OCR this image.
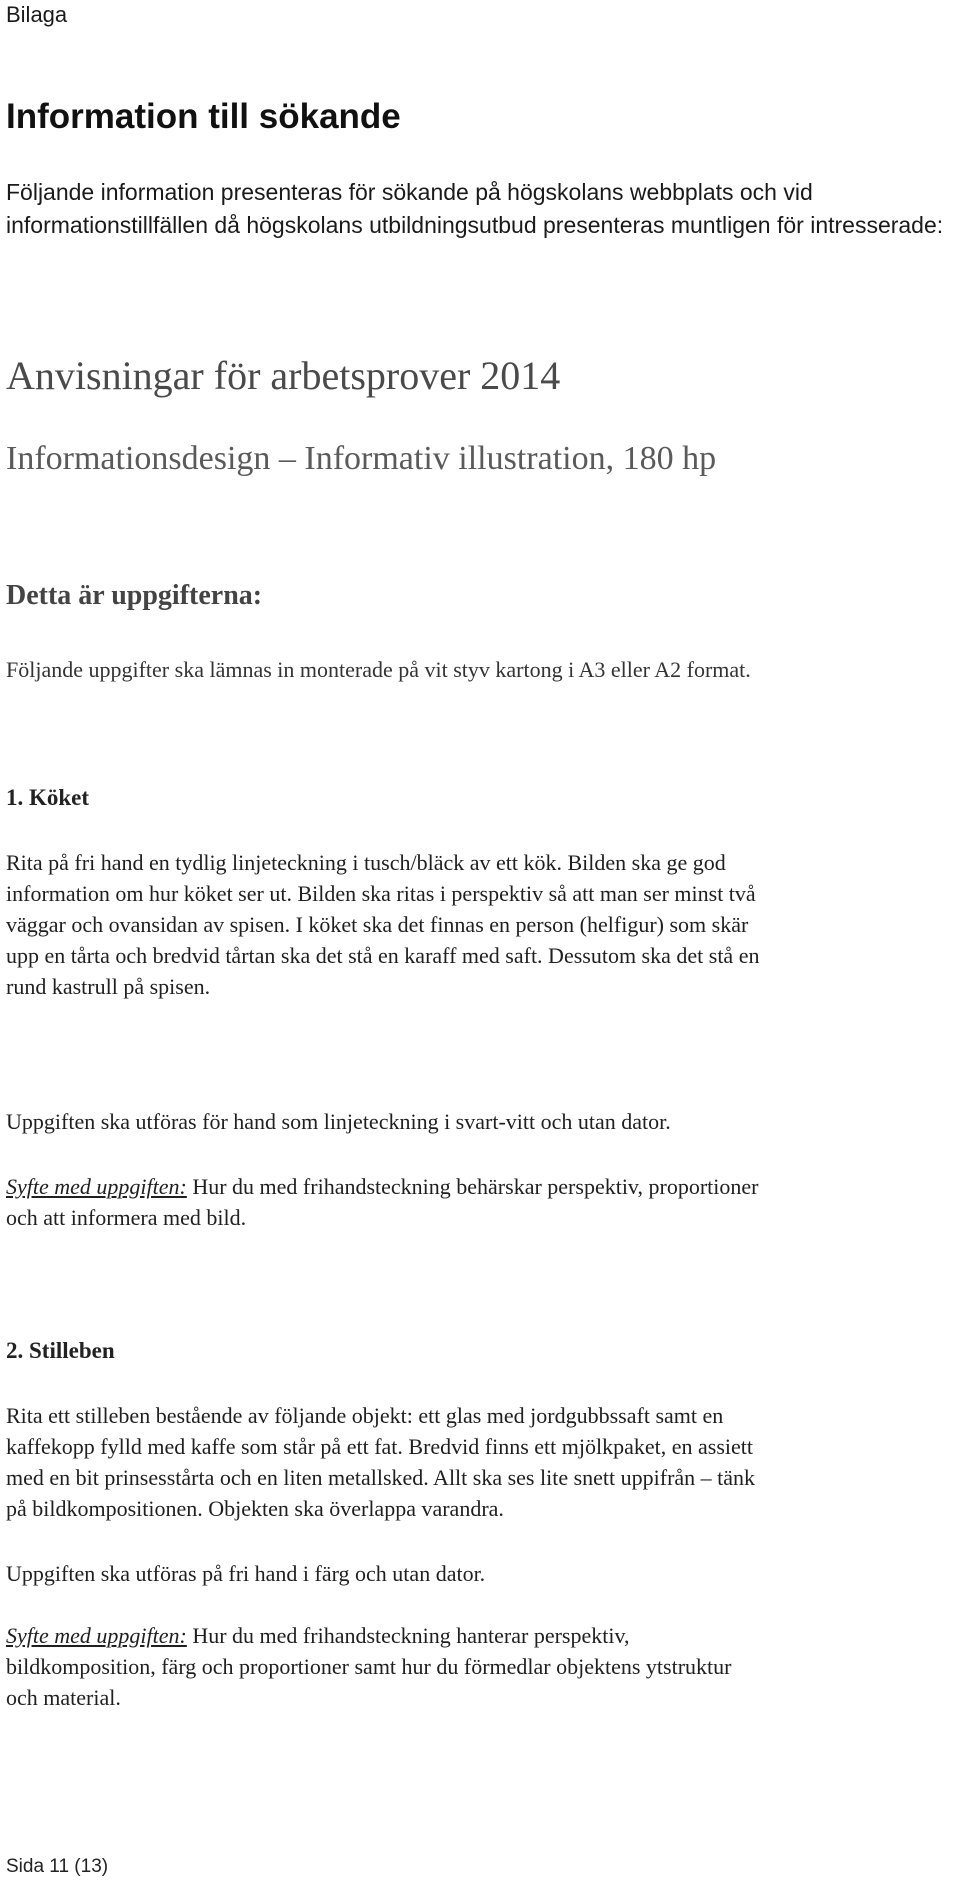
Bilaga
Information till sökande

Följande information presenteras för sökande på högskolans webbplats och vid informationstillfällen då högskolans utbildningsutbud presenteras muntligen för intresserade:

Anvisningar för arbetsprover 2014
Informationsdesign – Informativ illustration, 180 hp
Detta är uppgifterna:

Följande uppgifter ska lämnas in monterade på vit styv kartong i A3 eller A2 format.

1. Köket

Rita på fri hand en tydlig linjeteckning i tusch/bläck av ett kök. Bilden ska ge god information om hur köket ser ut. Bilden ska ritas i perspektiv så att man ser minst två väggar och ovansidan av spisen. I köket ska det finnas en person (helfigur) som skär upp en tårta och bredvid tårtan ska det stå en karaff med saft. Dessutom ska det stå en rund kastrull på spisen.

Uppgiften ska utföras för hand som linjeteckning i svart-vitt och utan dator.

Syfte med uppgiften: Hur du med frihandsteckning behärskar perspektiv, proportioner och att informera med bild.

2. Stilleben

Rita ett stilleben bestående av följande objekt: ett glas med jordgubbssaft samt en kaffekopp fylld med kaffe som står på ett fat. Bredvid finns ett mjölkpaket, en assiett med en bit prinsesstårta och en liten metallsked. Allt ska ses lite snett uppifrån – tänk på bildkompositionen. Objekten ska överlappa varandra.

Uppgiften ska utföras på fri hand i färg och utan dator.

Syfte med uppgiften: Hur du med frihandsteckning hanterar perspektiv, bildkomposition, färg och proportioner samt hur du förmedlar objektens ytstruktur och material.

Sida 11 (13)
